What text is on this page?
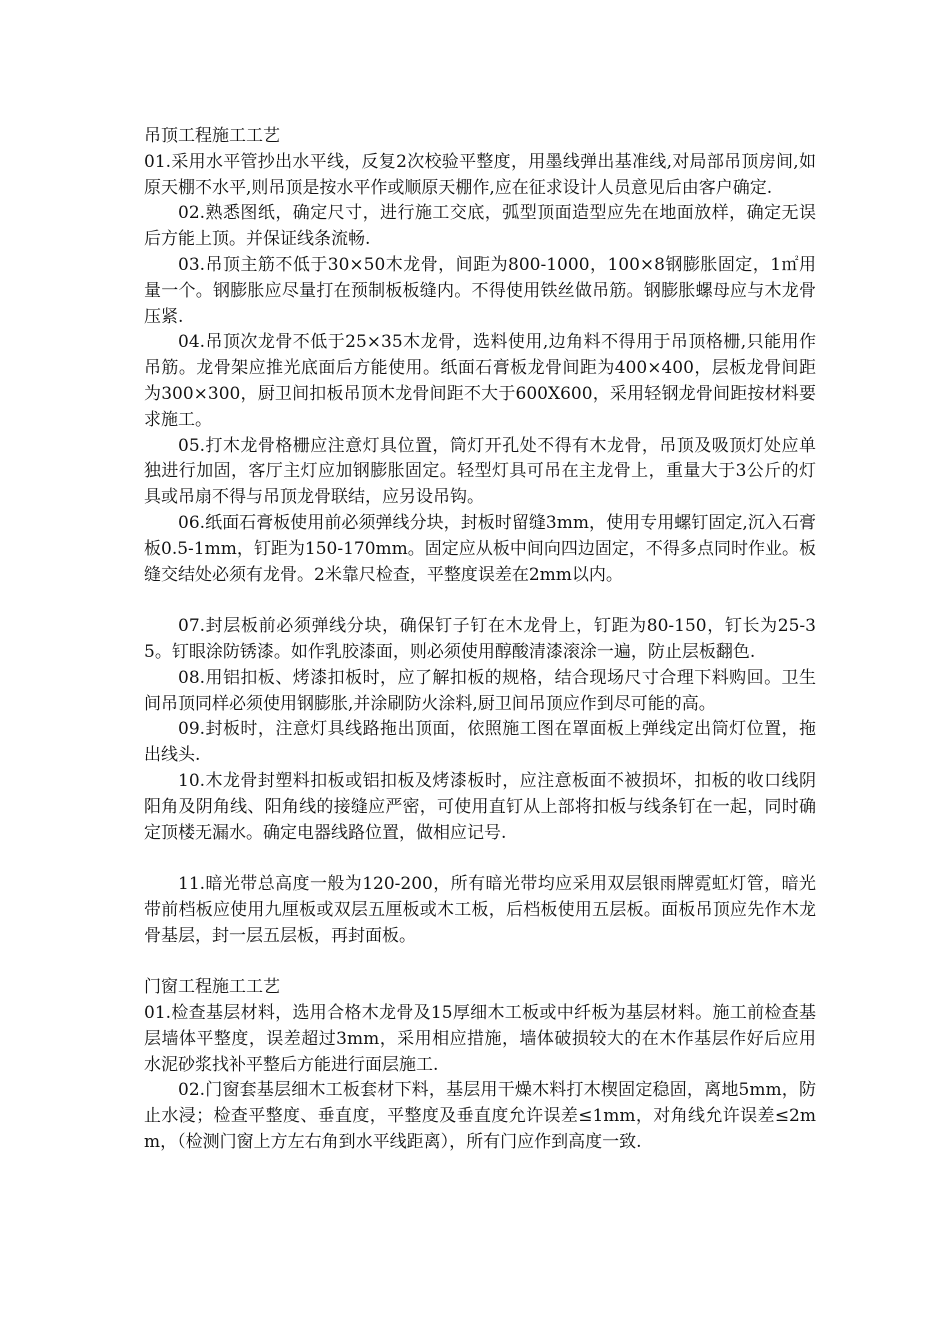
吊顶工程施工工艺

01.采用水平管抄出水平线，反复2次校验平整度，用墨线弹出基准线,对局部吊顶房间,如原天棚不水平,则吊顶是按水平作或顺原天棚作,应在征求设计人员意见后由客户确定.

02.熟悉图纸，确定尺寸，进行施工交底，弧型顶面造型应先在地面放样，确定无误后方能上顶。并保证线条流畅.

03.吊顶主筋不低于30×50木龙骨，间距为800-1000，100×8钢膨胀固定，1㎡用量一个。钢膨胀应尽量打在预制板板缝内。不得使用铁丝做吊筋。钢膨胀螺母应与木龙骨压紧.

04.吊顶次龙骨不低于25×35木龙骨，选料使用,边角料不得用于吊顶格栅,只能用作吊筋。龙骨架应推光底面后方能使用。纸面石膏板龙骨间距为400×400，层板龙骨间距为300×300，厨卫间扣板吊顶木龙骨间距不大于600X600，采用轻钢龙骨间距按材料要求施工。

05.打木龙骨格栅应注意灯具位置，筒灯开孔处不得有木龙骨，吊顶及吸顶灯处应单独进行加固，客厅主灯应加钢膨胀固定。轻型灯具可吊在主龙骨上，重量大于3公斤的灯具或吊扇不得与吊顶龙骨联结，应另设吊钩。

06.纸面石膏板使用前必须弹线分块，封板时留缝3mm，使用专用螺钉固定,沉入石膏板0.5-1mm，钉距为150-170mm。固定应从板中间向四边固定，不得多点同时作业。板缝交结处必须有龙骨。2米靠尺检查，平整度误差在2mm以内。

07.封层板前必须弹线分块，确保钉子钉在木龙骨上，钉距为80-150，钉长为25-35。钉眼涂防锈漆。如作乳胶漆面，则必须使用醇酸清漆滚涂一遍，防止层板翻色.

08.用铝扣板、烤漆扣板时，应了解扣板的规格，结合现场尺寸合理下料购回。卫生间吊顶同样必须使用钢膨胀,并涂刷防火涂料,厨卫间吊顶应作到尽可能的高。

09.封板时，注意灯具线路拖出顶面，依照施工图在罩面板上弹线定出筒灯位置，拖出线头.

10.木龙骨封塑料扣板或铝扣板及烤漆板时，应注意板面不被损坏，扣板的收口线阴阳角及阴角线、阳角线的接缝应严密，可使用直钉从上部将扣板与线条钉在一起，同时确定顶楼无漏水。确定电器线路位置，做相应记号.

11.暗光带总高度一般为120-200，所有暗光带均应采用双层银雨牌霓虹灯管，暗光带前档板应使用九厘板或双层五厘板或木工板，后档板使用五层板。面板吊顶应先作木龙骨基层，封一层五层板，再封面板。

门窗工程施工工艺

01.检查基层材料，选用合格木龙骨及15厚细木工板或中纤板为基层材料。施工前检查基层墙体平整度，误差超过3mm，采用相应措施，墙体破损较大的在木作基层作好后应用水泥砂浆找补平整后方能进行面层施工.

02.门窗套基层细木工板套材下料，基层用干燥木料打木楔固定稳固，离地5mm，防止水浸；检查平整度、垂直度，平整度及垂直度允许误差≤1mm，对角线允许误差≤2mm，（检测门窗上方左右角到水平线距离），所有门应作到高度一致.
